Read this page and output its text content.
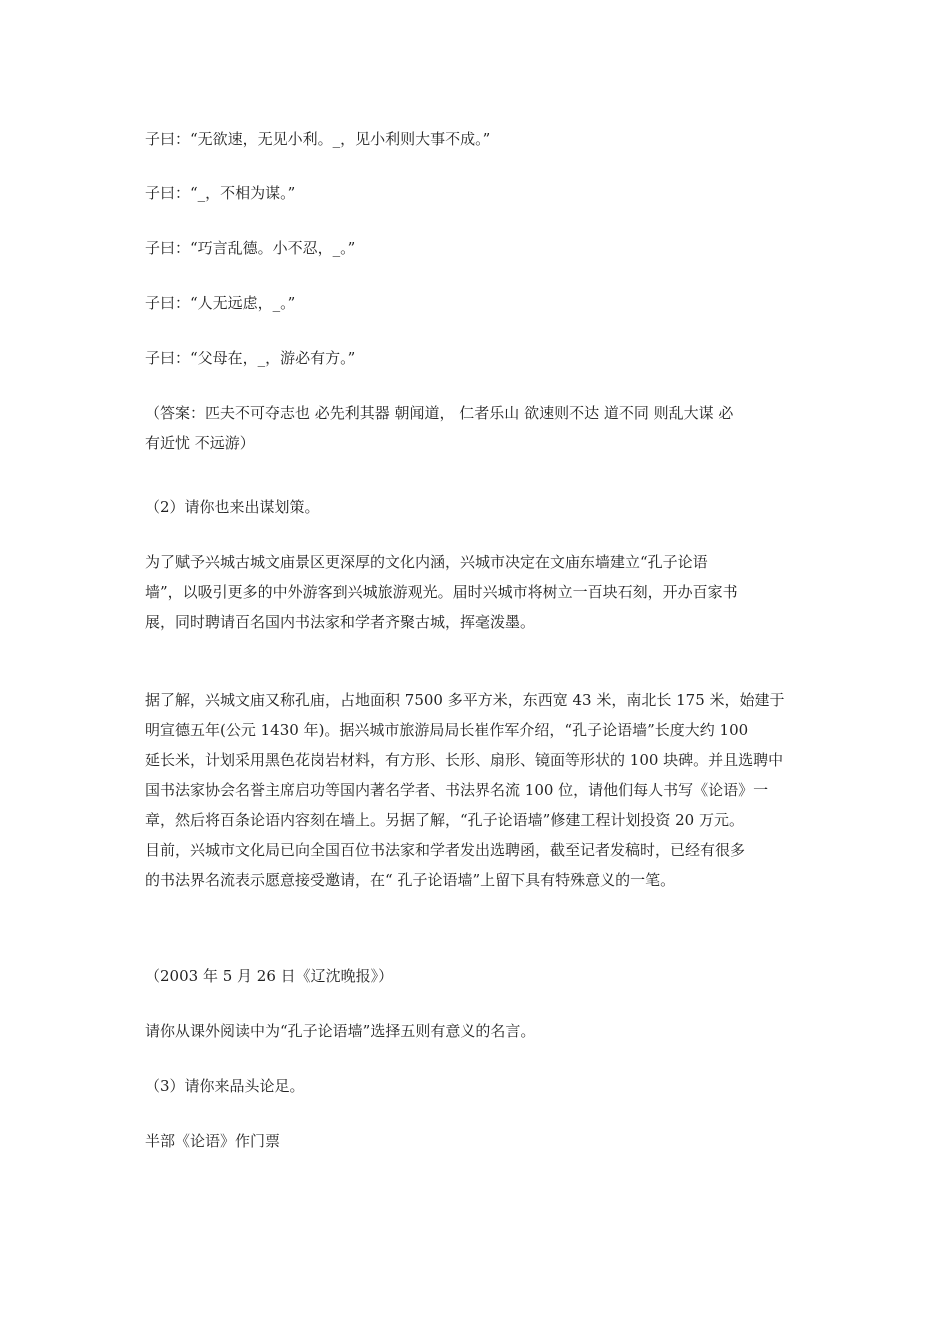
子曰：“无欲速，无见小利。_，见小利则大事不成。”

子曰：“_，不相为谋。”

子曰：“巧言乱德。小不忍，_。”

子曰：“人无远虑，_。”

子曰：“父母在，_，游必有方。”

（答案：匹夫不可夺志也 必先利其器 朝闻道， 仁者乐山 欲速则不达 道不同 则乱大谋 必
有近忧 不远游）

（2）请你也来出谋划策。

为了赋予兴城古城文庙景区更深厚的文化内涵，兴城市决定在文庙东墙建立“孔子论语
墙”，以吸引更多的中外游客到兴城旅游观光。届时兴城市将树立一百块石刻，开办百家书
展，同时聘请百名国内书法家和学者齐聚古城，挥毫泼墨。
据了解，兴城文庙又称孔庙，占地面积 7500 多平方米，东西宽 43 米，南北长 175 米，始建于
明宣德五年(公元 1430 年)。据兴城市旅游局局长崔作军介绍，“孔子论语墙”长度大约 100
延长米，计划采用黑色花岗岩材料，有方形、长形、扇形、镜面等形状的 100 块碑。并且选聘中
国书法家协会名誉主席启功等国内著名学者、书法界名流 100 位，请他们每人书写《论语》一
章，然后将百条论语内容刻在墙上。另据了解，“孔子论语墙”修建工程计划投资 20 万元。
目前，兴城市文化局已向全国百位书法家和学者发出选聘函，截至记者发稿时，已经有很多
的书法界名流表示愿意接受邀请，在“ 孔子论语墙”上留下具有特殊意义的一笔。

（2003 年 5 月 26 日《辽沈晚报》）

请你从课外阅读中为“孔子论语墙”选择五则有意义的名言。

（3）请你来品头论足。

半部《论语》作门票
